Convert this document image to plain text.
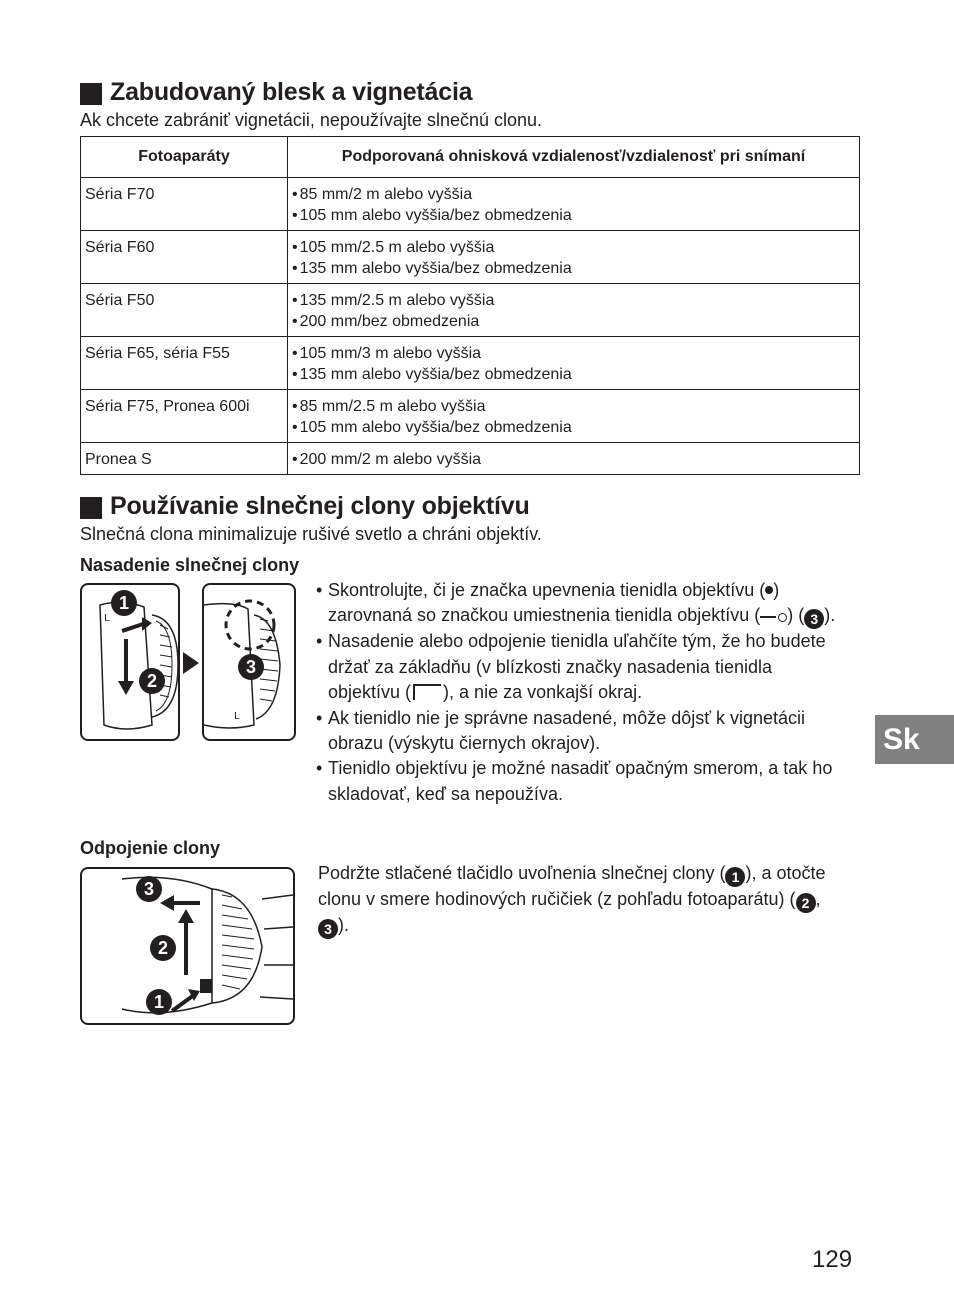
Zabudovaný blesk a vignetácia
Ak chcete zabrániť vignetácii, nepoužívajte slnečnú clonu.
Fotoaparáty	Podporovaná ohnisková vzdialenosť/vzdialenosť pri snímaní
Séria F70	• 85 mm/2 m alebo vyššia
• 105 mm alebo vyššia/bez obmedzenia

Séria F60	• 105 mm/2.5 m alebo vyššia
• 135 mm alebo vyššia/bez obmedzenia

Séria F50	• 135 mm/2.5 m alebo vyššia
• 200 mm/bez obmedzenia

Séria F65, séria F55	• 105 mm/3 m alebo vyššia
• 135 mm alebo vyššia/bez obmedzenia

Séria F75, Pronea 600i	• 85 mm/2.5 m alebo vyššia
• 105 mm alebo vyššia/bez obmedzenia

Pronea S	• 200 mm/2 m alebo vyššia
Používanie slnečnej clony objektívu
Slnečná clona minimalizuje rušivé svetlo a chráni objektív.
Nasadenie slnečnej clony
L
1
2
L
3
• Skontrolujte, či je značka upevnenia tienidla objektívu ( ) zarovnaná so značkou umiestnenia tienidla objektívu ( ) ( 3 ).
• Nasadenie alebo odpojenie tienidla uľahčíte tým, že ho budete držať za základňu (v blízkosti značky nasadenia tienidla objektívu ( ), a nie za vonkajší okraj.
• Ak tienidlo nie je správne nasadené, môže dôjsť k vignetácii obrazu (výskytu čiernych okrajov).
• Tienidlo objektívu je možné nasadiť opačným smerom, a tak ho skladovať, keď sa nepoužíva.
Odpojenie clony
3
2
1
Podržte stlačené tlačidlo uvoľnenia slnečnej clony ( 1 ), a otočte clonu v smere hodinových ručičiek (z pohľadu fotoaparátu) ( 2 , 3 ).
Sk
129
